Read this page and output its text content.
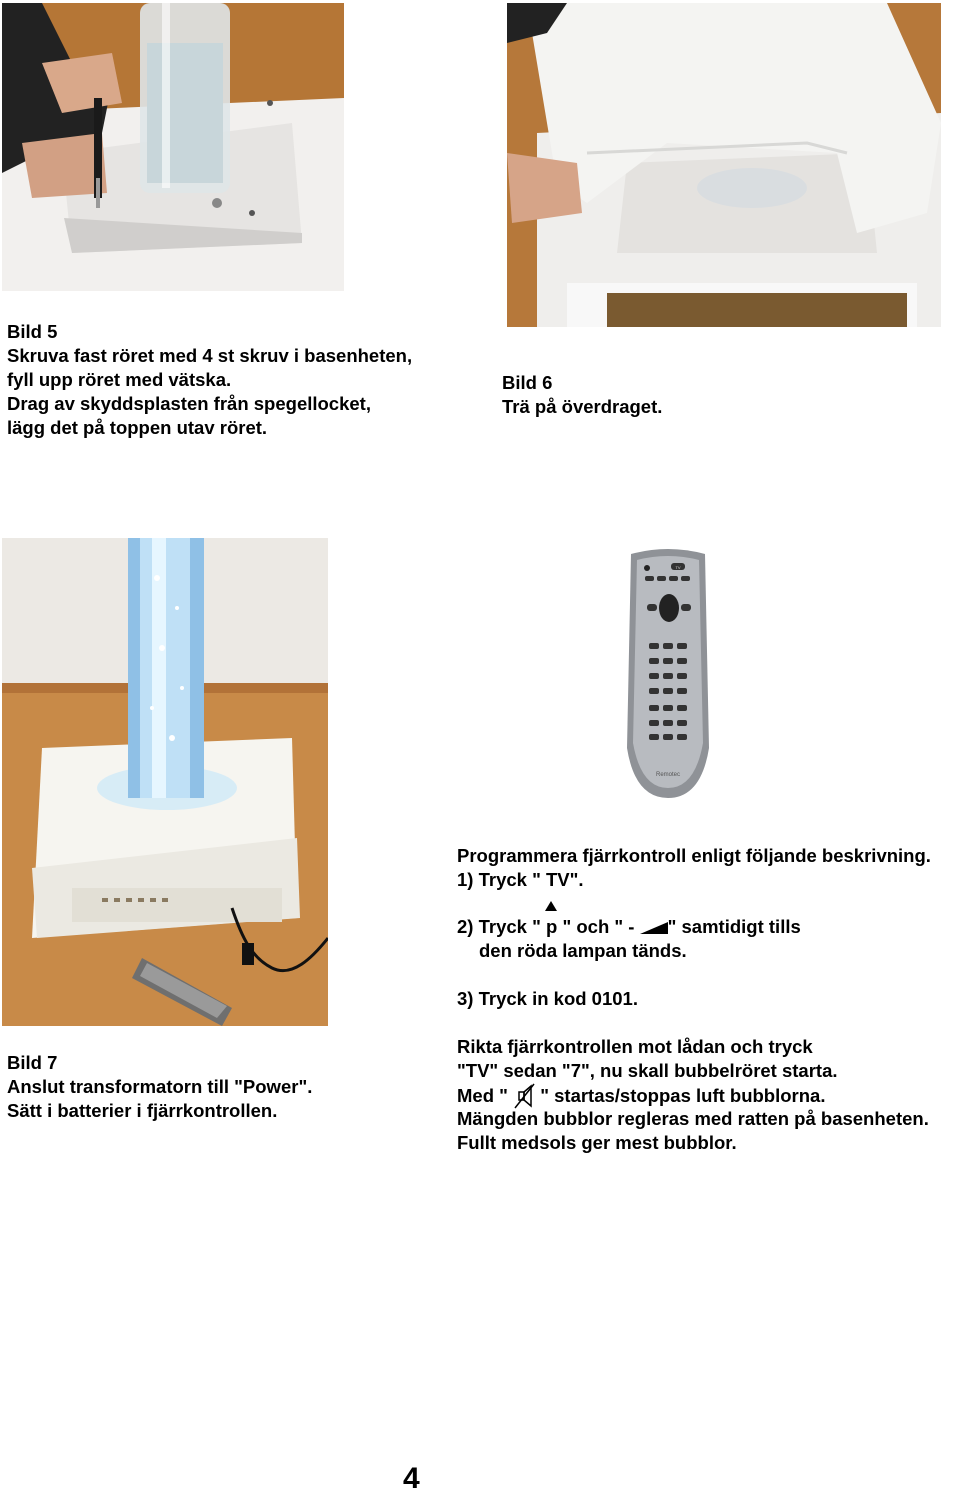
Remotec
TV
Bild 5
Skruva fast röret med 4 st skruv i basenheten,
fyll upp röret med vätska.
Drag av skyddsplasten från spegellocket,
lägg det på toppen utav röret.
Bild 6
Trä på överdraget.
Bild 7
Anslut transformatorn till "Power".
Sätt i batterier i fjärrkontrollen.
Programmera fjärrkontroll enligt följande beskrivning.
1) Tryck " TV".
2) Tryck "
p " och " - " samtidigt tills
den röda lampan tänds.
3) Tryck in kod 0101.
Rikta fjärrkontrollen mot lådan och tryck
"TV" sedan "7", nu skall bubbelröret starta.
Med "  " startas/stoppas luft bubblorna.
Mängden bubblor regleras med ratten på basenheten.
Fullt medsols ger mest bubblor.
4
